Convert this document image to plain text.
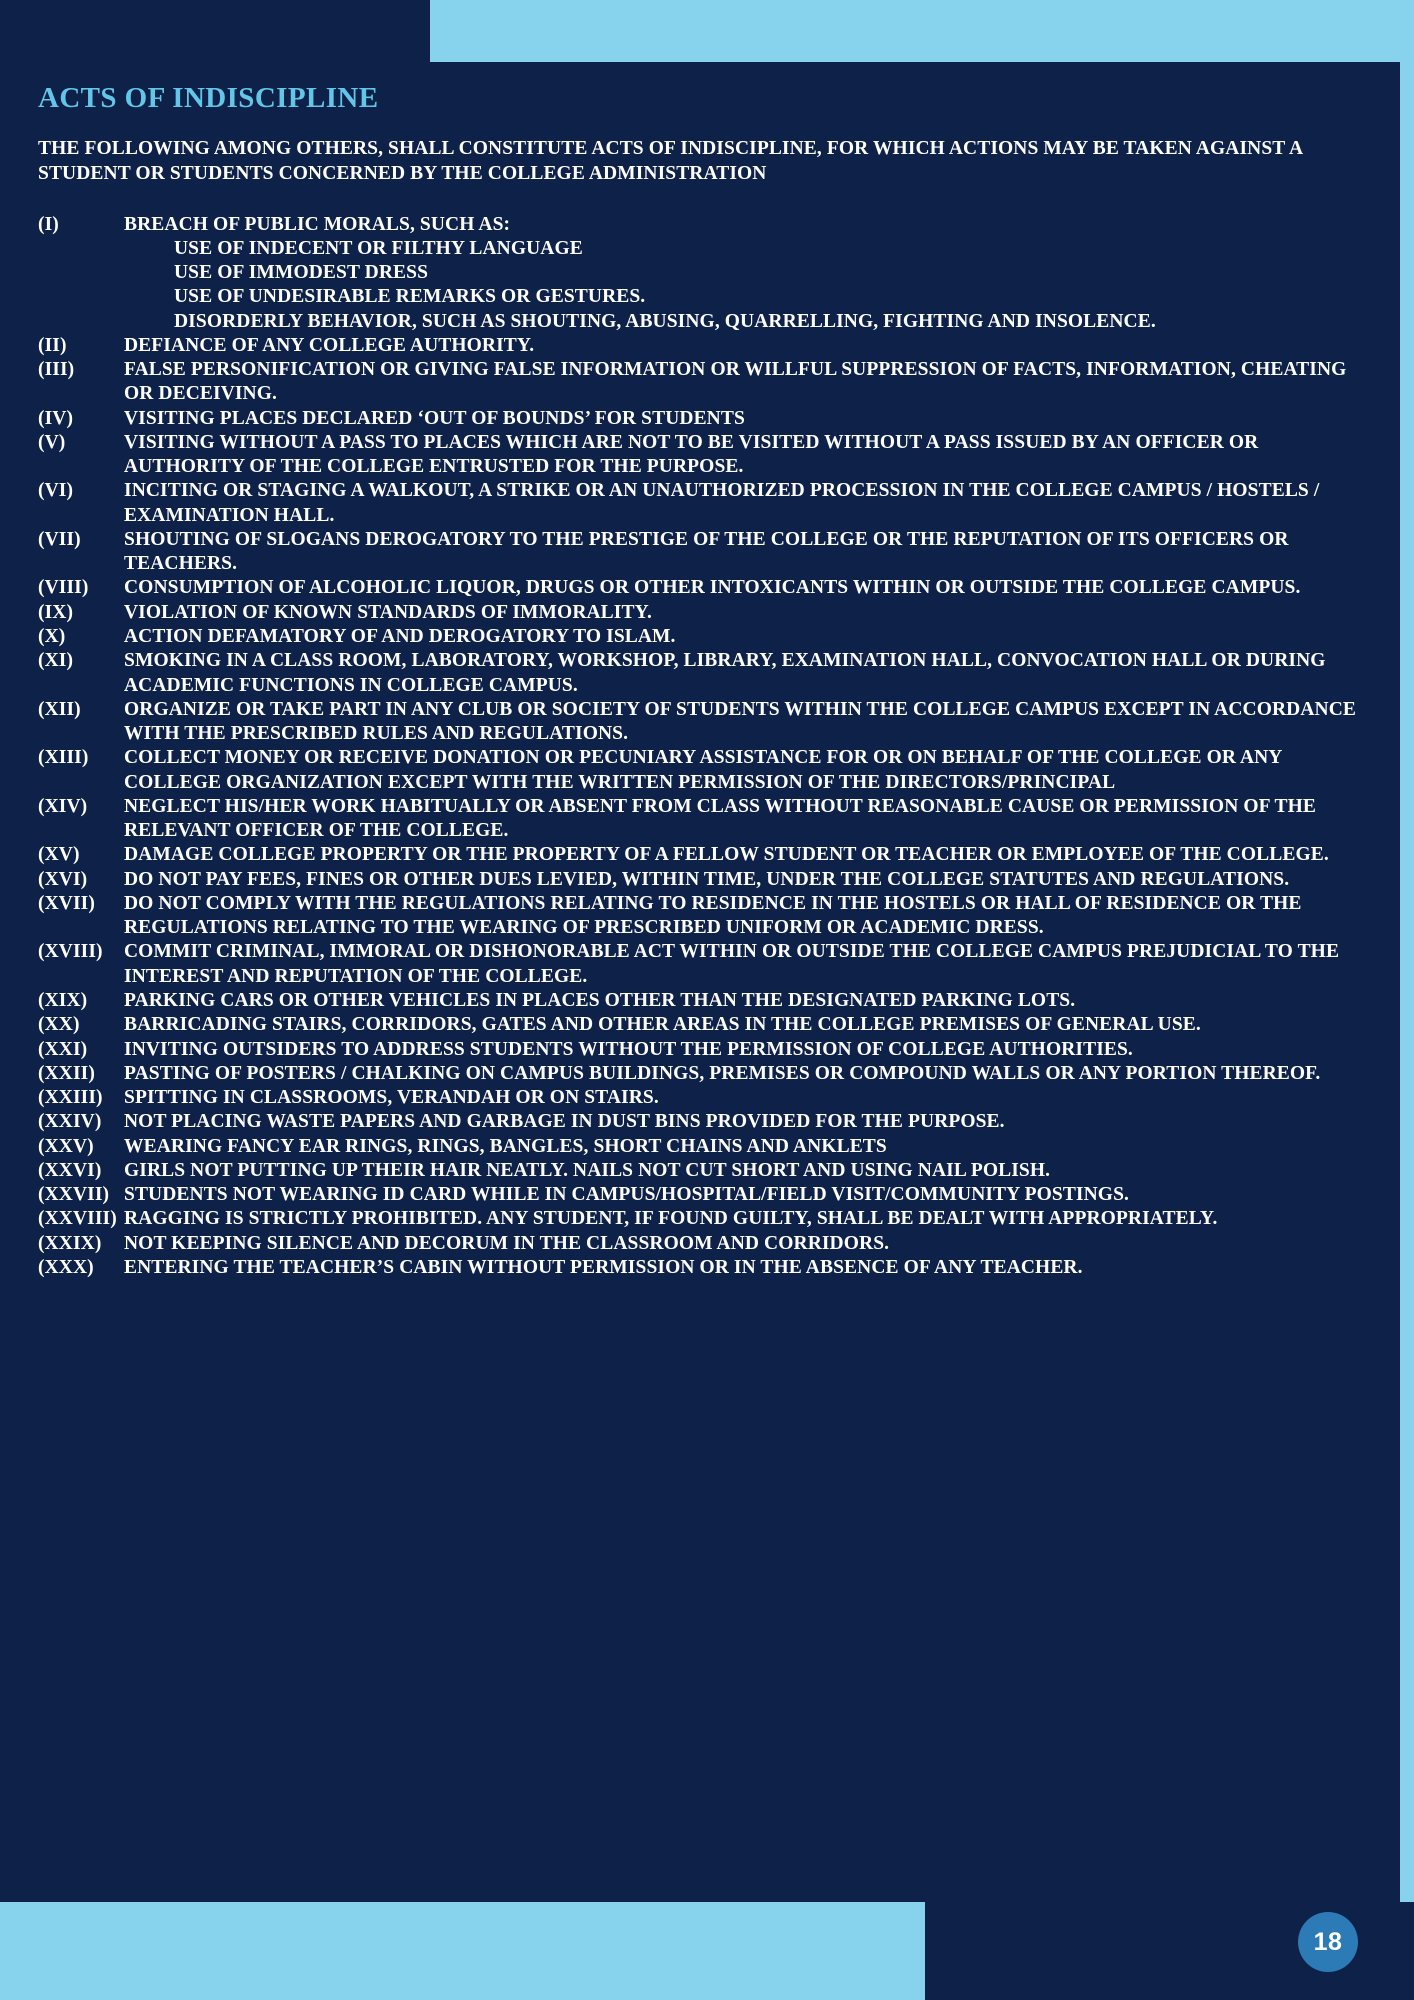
18
ACTS OF INDISCIPLINE

THE FOLLOWING AMONG OTHERS, SHALL CONSTITUTE ACTS OF INDISCIPLINE, FOR WHICH ACTIONS MAY BE TAKEN AGAINST A STUDENT OR STUDENTS CONCERNED BY THE COLLEGE ADMINISTRATION

(I)	BREACH OF PUBLIC MORALS, SUCH AS:
USE OF INDECENT OR FILTHY LANGUAGE
USE OF IMMODEST DRESS
USE OF UNDESIRABLE REMARKS OR GESTURES.
DISORDERLY BEHAVIOR, SUCH AS SHOUTING, ABUSING, QUARRELLING, FIGHTING AND INSOLENCE.
(II)	DEFIANCE OF ANY COLLEGE AUTHORITY.
(III)	FALSE PERSONIFICATION OR GIVING FALSE INFORMATION OR WILLFUL SUPPRESSION OF FACTS, INFORMATION, CHEATING OR DECEIVING.
(IV)	VISITING PLACES DECLARED ‘OUT OF BOUNDS’ FOR STUDENTS
(V)	VISITING WITHOUT A PASS TO PLACES WHICH ARE NOT TO BE VISITED WITHOUT A PASS ISSUED BY AN OFFICER OR AUTHORITY OF THE COLLEGE ENTRUSTED FOR THE PURPOSE.
(VI)	INCITING OR STAGING A WALKOUT, A STRIKE OR AN UNAUTHORIZED PROCESSION IN THE COLLEGE CAMPUS / HOSTELS / EXAMINATION HALL.
(VII)	SHOUTING OF SLOGANS DEROGATORY TO THE PRESTIGE OF THE COLLEGE OR THE REPUTATION OF ITS OFFICERS OR TEACHERS.
(VIII)	CONSUMPTION OF ALCOHOLIC LIQUOR, DRUGS OR OTHER INTOXICANTS WITHIN OR OUTSIDE THE COLLEGE CAMPUS.
(IX)	VIOLATION OF KNOWN STANDARDS OF IMMORALITY.
(X)	ACTION DEFAMATORY OF AND DEROGATORY TO ISLAM.
(XI)	SMOKING IN A CLASS ROOM, LABORATORY, WORKSHOP, LIBRARY, EXAMINATION HALL, CONVOCATION HALL OR DURING ACADEMIC FUNCTIONS IN COLLEGE CAMPUS.
(XII)	ORGANIZE OR TAKE PART IN ANY CLUB OR SOCIETY OF STUDENTS WITHIN THE COLLEGE CAMPUS EXCEPT IN ACCORDANCE WITH THE PRESCRIBED RULES AND REGULATIONS.
(XIII)	COLLECT MONEY OR RECEIVE DONATION OR PECUNIARY ASSISTANCE FOR OR ON BEHALF OF THE COLLEGE OR ANY COLLEGE ORGANIZATION EXCEPT WITH THE WRITTEN PERMISSION OF THE DIRECTORS/PRINCIPAL
(XIV)	NEGLECT HIS/HER WORK HABITUALLY OR ABSENT FROM CLASS WITHOUT REASONABLE CAUSE OR PERMISSION OF THE RELEVANT OFFICER OF THE COLLEGE.
(XV)	DAMAGE COLLEGE PROPERTY OR THE PROPERTY OF A FELLOW STUDENT OR TEACHER OR EMPLOYEE OF THE COLLEGE.
(XVI)	DO NOT PAY FEES, FINES OR OTHER DUES LEVIED, WITHIN TIME, UNDER THE COLLEGE STATUTES AND REGULATIONS.
(XVII)	DO NOT COMPLY WITH THE REGULATIONS RELATING TO RESIDENCE IN THE HOSTELS OR HALL OF RESIDENCE OR THE REGULATIONS RELATING TO THE WEARING OF PRESCRIBED UNIFORM OR ACADEMIC DRESS.
(XVIII)	COMMIT CRIMINAL, IMMORAL OR DISHONORABLE ACT WITHIN OR OUTSIDE THE COLLEGE CAMPUS PREJUDICIAL TO THE INTEREST AND REPUTATION OF THE COLLEGE.
(XIX)	PARKING CARS OR OTHER VEHICLES IN PLACES OTHER THAN THE DESIGNATED PARKING LOTS.
(XX)	BARRICADING STAIRS, CORRIDORS, GATES AND OTHER AREAS IN THE COLLEGE PREMISES OF GENERAL USE.
(XXI)	INVITING OUTSIDERS TO ADDRESS STUDENTS WITHOUT THE PERMISSION OF COLLEGE AUTHORITIES.
(XXII)	PASTING OF POSTERS / CHALKING ON CAMPUS BUILDINGS, PREMISES OR COMPOUND WALLS OR ANY PORTION THEREOF.
(XXIII)	SPITTING IN CLASSROOMS, VERANDAH OR ON STAIRS.
(XXIV)	NOT PLACING WASTE PAPERS AND GARBAGE IN DUST BINS PROVIDED FOR THE PURPOSE.
(XXV)	WEARING FANCY EAR RINGS, RINGS, BANGLES, SHORT CHAINS AND ANKLETS
(XXVI)	GIRLS NOT PUTTING UP THEIR HAIR NEATLY. NAILS NOT CUT SHORT AND USING NAIL POLISH.
(XXVII) STUDENTS NOT WEARING ID CARD WHILE IN CAMPUS/HOSPITAL/FIELD VISIT/COMMUNITY POSTINGS.
(XXVIII) RAGGING IS STRICTLY PROHIBITED. ANY STUDENT, IF FOUND GUILTY, SHALL BE DEALT WITH APPROPRIATELY.
(XXIX)	NOT KEEPING SILENCE AND DECORUM IN THE CLASSROOM AND CORRIDORS.
(XXX)	ENTERING THE TEACHER’S CABIN WITHOUT PERMISSION OR IN THE ABSENCE OF ANY TEACHER.
